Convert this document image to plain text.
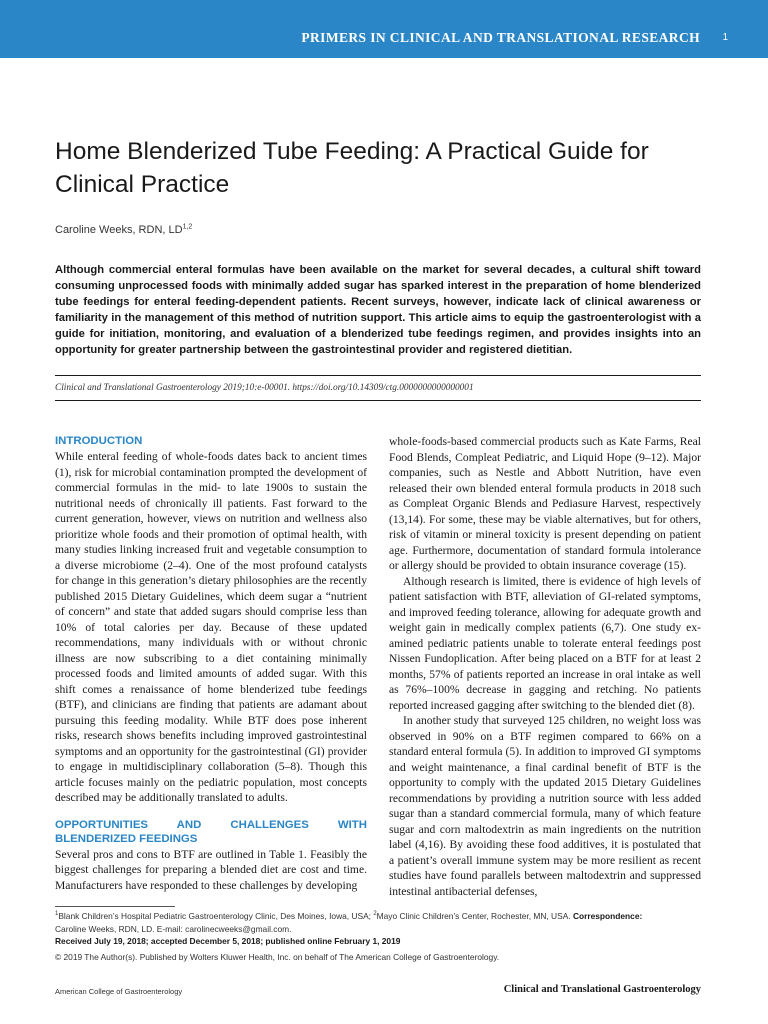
PRIMERS IN CLINICAL AND TRANSLATIONAL RESEARCH 1
Home Blenderized Tube Feeding: A Practical Guide for Clinical Practice
Caroline Weeks, RDN, LD$^{1,2}$

Although commercial enteral formulas have been available on the market for several decades, a cultural shift toward consuming unprocessed foods with minimally added sugar has sparked interest in the preparation of home blenderized tube feedings for enteral feeding-dependent patients. Recent surveys, however, indicate lack of clinical awareness or familiarity in the management of this method of nutrition support. This article aims to equip the gastroenterologist with a guide for initiation, monitoring, and evaluation of a blenderized tube feedings regimen, and provides insights into an opportunity for greater partnership between the gastrointestinal provider and registered dietitian.

Clinical and Translational Gastroenterology 2019;10:e-00001. https://doi.org/10.14309/ctg.0000000000000001
INTRODUCTION

While enteral feeding of whole-foods dates back to ancient times (1), risk for microbial contamination prompted the development of commercial formulas in the mid- to late 1900s to sustain the nutritional needs of chronically ill patients. Fast forward to the current generation, however, views on nutrition and wellness also prioritize whole foods and their promotion of optimal health, with many studies linking increased fruit and vegetable consumption to a diverse microbiome (2–4). One of the most profound catalysts for change in this generation’s dietary philosophies are the recently published 2015 Dietary Guidelines, which deem sugar a “nutrient of concern” and state that added sugars should comprise less than 10% of total calories per day. Because of these updated recommendations, many individuals with or without chronic illness are now subscribing to a diet containing minimally processed foods and limited amounts of added sugar. With this shift comes a renaissance of home blenderized tube feedings (BTF), and clinicians are finding that patients are adamant about pursuing this feeding modality. While BTF does pose inherent risks, research shows benefits including improved gastrointestinal symptoms and an opportunity for the gastrointestinal (GI) provider to engage in multidisciplinary collaboration (5–8). Though this article focuses mainly on the pediatric population, most concepts described may be additionally translated to adults.

OPPORTUNITIES AND CHALLENGES WITH BLENDERIZED FEEDINGS

Several pros and cons to BTF are outlined in Table 1. Feasibly the biggest challenges for preparing a blended diet are cost and time. Manufacturers have responded to these challenges by developing

whole-foods-based commercial products such as Kate Farms, Real Food Blends, Compleat Pediatric, and Liquid Hope (9–12). Major companies, such as Nestle and Abbott Nutrition, have even released their own blended enteral formula products in 2018 such as Compleat Organic Blends and Pediasure Harvest, respectively (13,14). For some, these may be viable alternatives, but for others, risk of vitamin or mineral toxicity is present depending on patient age. Furthermore, documentation of standard formula intolerance or allergy should be provided to obtain insurance coverage (15).

Although research is limited, there is evidence of high levels of patient satisfaction with BTF, alleviation of GI-related symptoms, and improved feeding tolerance, allowing for adequate growth and weight gain in medically complex patients (6,7). One study examined pediatric patients unable to tolerate enteral feedings post Nissen Fundoplication. After being placed on a BTF for at least 2 months, 57% of patients reported an increase in oral intake as well as 76%–100% decrease in gagging and retching. No patients reported increased gagging after switching to the blended diet (8).

In another study that surveyed 125 children, no weight loss was observed in 90% on a BTF regimen compared to 66% on a standard enteral formula (5). In addition to improved GI symptoms and weight maintenance, a final cardinal benefit of BTF is the opportunity to comply with the updated 2015 Dietary Guidelines recommendations by providing a nutrition source with less added sugar than a standard commercial formula, many of which feature sugar and corn maltodextrin as main ingredients on the nutrition label (4,16). By avoiding these food additives, it is postulated that a patient’s overall immune system may be more resilient as recent studies have found parallels between maltodextrin and suppressed intestinal antibacterial defenses,

$^1$Blank Children’s Hospital Pediatric Gastroenterology Clinic, Des Moines, Iowa, USA; $^2$Mayo Clinic Children’s Center, Rochester, MN, USA. Correspondence:
Caroline Weeks, RDN, LD. E-mail: carolinecweeks@gmail.com.
Received July 19, 2018; accepted December 5, 2018; published online February 1, 2019
© 2019 The Author(s). Published by Wolters Kluwer Health, Inc. on behalf of The American College of Gastroenterology.
American College of Gastroenterology	Clinical and Translational Gastroenterology
